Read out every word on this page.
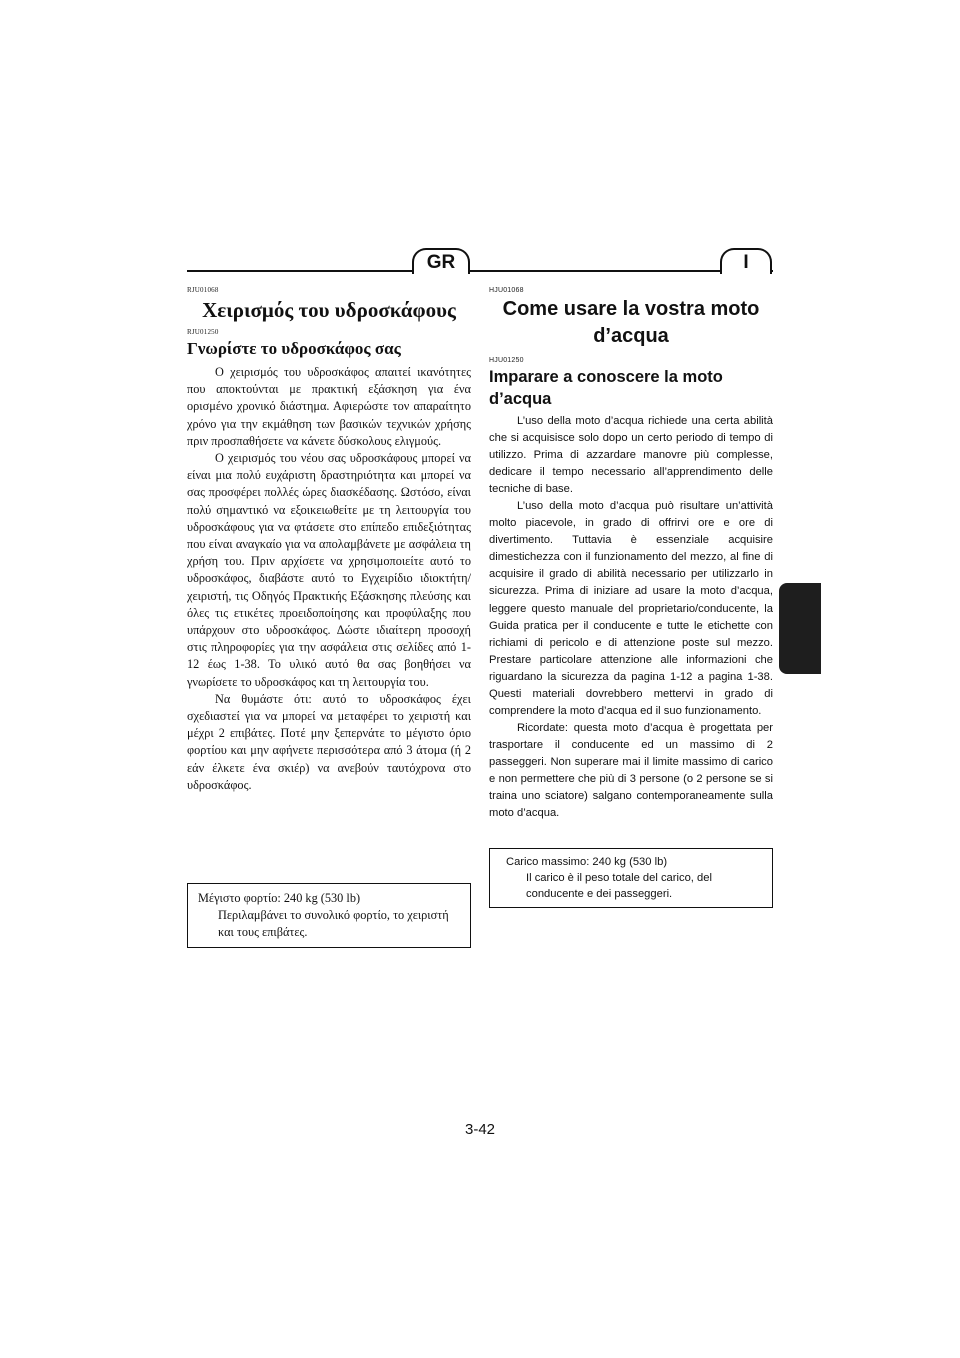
GR	I
RJU01068
Χειρισμός του υδροσκάφους
RJU01250
Γνωρίστε το υδροσκάφος σας

Ο χειρισμός του υδροσκάφος απαιτεί ικανότητες που αποκτούνται με πρακτική εξάσκηση για ένα ορισμένο χρονικό διάστημα. Αφιερώστε τον απαραίτητο χρόνο για την εκμάθηση των βασικών τεχνικών χρήσης πριν προσπαθήσετε να κάνετε δύσκολους ελιγμούς.

Ο χειρισμός του νέου σας υδροσκάφους μπορεί να είναι μια πολύ ευχάριστη δραστηριότητα και μπορεί να σας προσφέρει πολλές ώρες διασκέδασης. Ωστόσο, είναι πολύ σημαντικό να εξοικειωθείτε με τη λειτουργία του υδροσκάφους για να φτάσετε στο επίπεδο επιδεξιότητας που είναι αναγκαίο για να απολαμβάνετε με ασφάλεια τη χρήση του. Πριν αρχίσετε να χρησιμοποιείτε αυτό το υδροσκάφος, διαβάστε αυτό το Εγχειρίδιο ιδιοκτήτη/χειριστή, τις Οδηγός Πρακτικής Εξάσκησης πλεύσης και όλες τις ετικέτες προειδοποίησης και προφύλαξης που υπάρχουν στο υδροσκάφος. Δώστε ιδιαίτερη προσοχή στις πληροφορίες για την ασφάλεια στις σελίδες από 1-12 έως 1-38. Το υλικό αυτό θα σας βοηθήσει να γνωρίσετε το υδροσκάφος και τη λειτουργία του.

Να θυμάστε ότι: αυτό το υδροσκάφος έχει σχεδιαστεί για να μπορεί να μεταφέρει το χειριστή και μέχρι 2 επιβάτες. Ποτέ μην ξεπερνάτε το μέγιστο όριο φορτίου και μην αφήνετε περισσότερα από 3 άτομα (ή 2 εάν έλκετε ένα σκιέρ) να ανεβούν ταυτόχρονα στο υδροσκάφος.

Μέγιστο φορτίο: 240 kg (530 lb)
Περιλαμβάνει το συνολικό φορτίο, το χειριστή και τους επιβάτες.
HJU01068
Come usare la vostra moto d’acqua
HJU01250
Imparare a conoscere la moto d’acqua

L’uso della moto d’acqua richiede una certa abilità che si acquisisce solo dopo un certo periodo di tempo di utilizzo. Prima di azzardare manovre più complesse, dedicare il tempo necessario all’apprendimento delle tecniche di base.

L’uso della moto d’acqua può risultare un’attività molto piacevole, in grado di offrirvi ore e ore di divertimento. Tuttavia è essenziale acquisire dimestichezza con il funzionamento del mezzo, al fine di acquisire il grado di abilità necessario per utilizzarlo in sicurezza. Prima di iniziare ad usare la moto d’acqua, leggere questo manuale del proprietario/conducente, la Guida pratica per il conducente e tutte le etichette con richiami di pericolo e di attenzione poste sul mezzo. Prestare particolare attenzione alle informazioni che riguardano la sicurezza da pagina 1-12 a pagina 1-38. Questi materiali dovrebbero mettervi in grado di comprendere la moto d’acqua ed il suo funzionamento.

Ricordate: questa moto d’acqua è progettata per trasportare il conducente ed un massimo di 2 passeggeri. Non superare mai il limite massimo di carico e non permettere che più di 3 persone (o 2 persone se si traina uno sciatore) salgano contemporaneamente sulla moto d’acqua.

Carico massimo: 240 kg (530 lb)
Il carico è il peso totale del carico, del conducente e dei passeggeri.
3-42
